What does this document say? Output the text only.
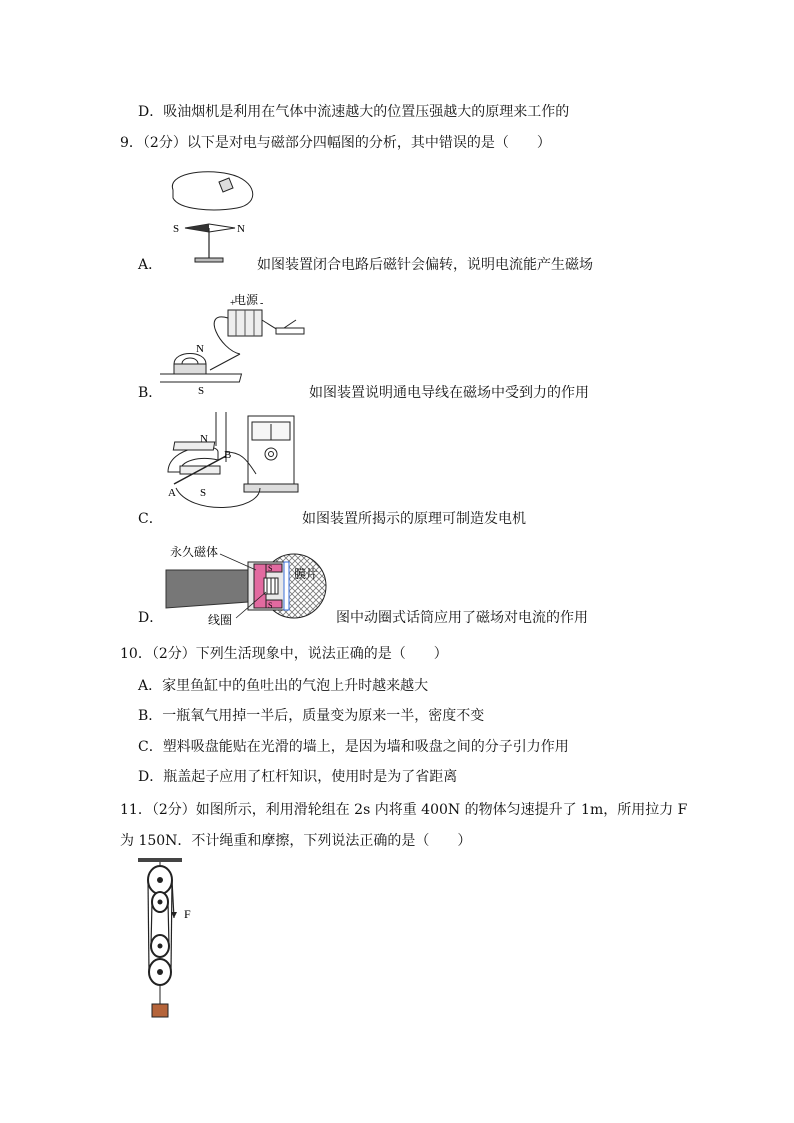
D．吸油烟机是利用在气体中流速越大的位置压强越大的原理来工作的
9．（2分）以下是对电与磁部分四幅图的分析，其中错误的是（　　）
S	N
A．	如图装置闭合电路后磁针会偏转，说明电流能产生磁场
+ -
电源
N
S
B．	如图装置说明通电导线在磁场中受到力的作用
N
S
A
B
C．	如图装置所揭示的原理可制造发电机
S
S
永久磁体
膜片
线圈
D．	图中动圈式话筒应用了磁场对电流的作用
10．（2分）下列生活现象中，说法正确的是（　　）
A．家里鱼缸中的鱼吐出的气泡上升时越来越大
B．一瓶氧气用掉一半后，质量变为原来一半，密度不变
C．塑料吸盘能贴在光滑的墙上，是因为墙和吸盘之间的分子引力作用
D．瓶盖起子应用了杠杆知识，使用时是为了省距离
11．（2分）如图所示，利用滑轮组在 2s 内将重 400N 的物体匀速提升了 1m，所用拉力 F
为 150N．不计绳重和摩擦，下列说法正确的是（　　）
F
